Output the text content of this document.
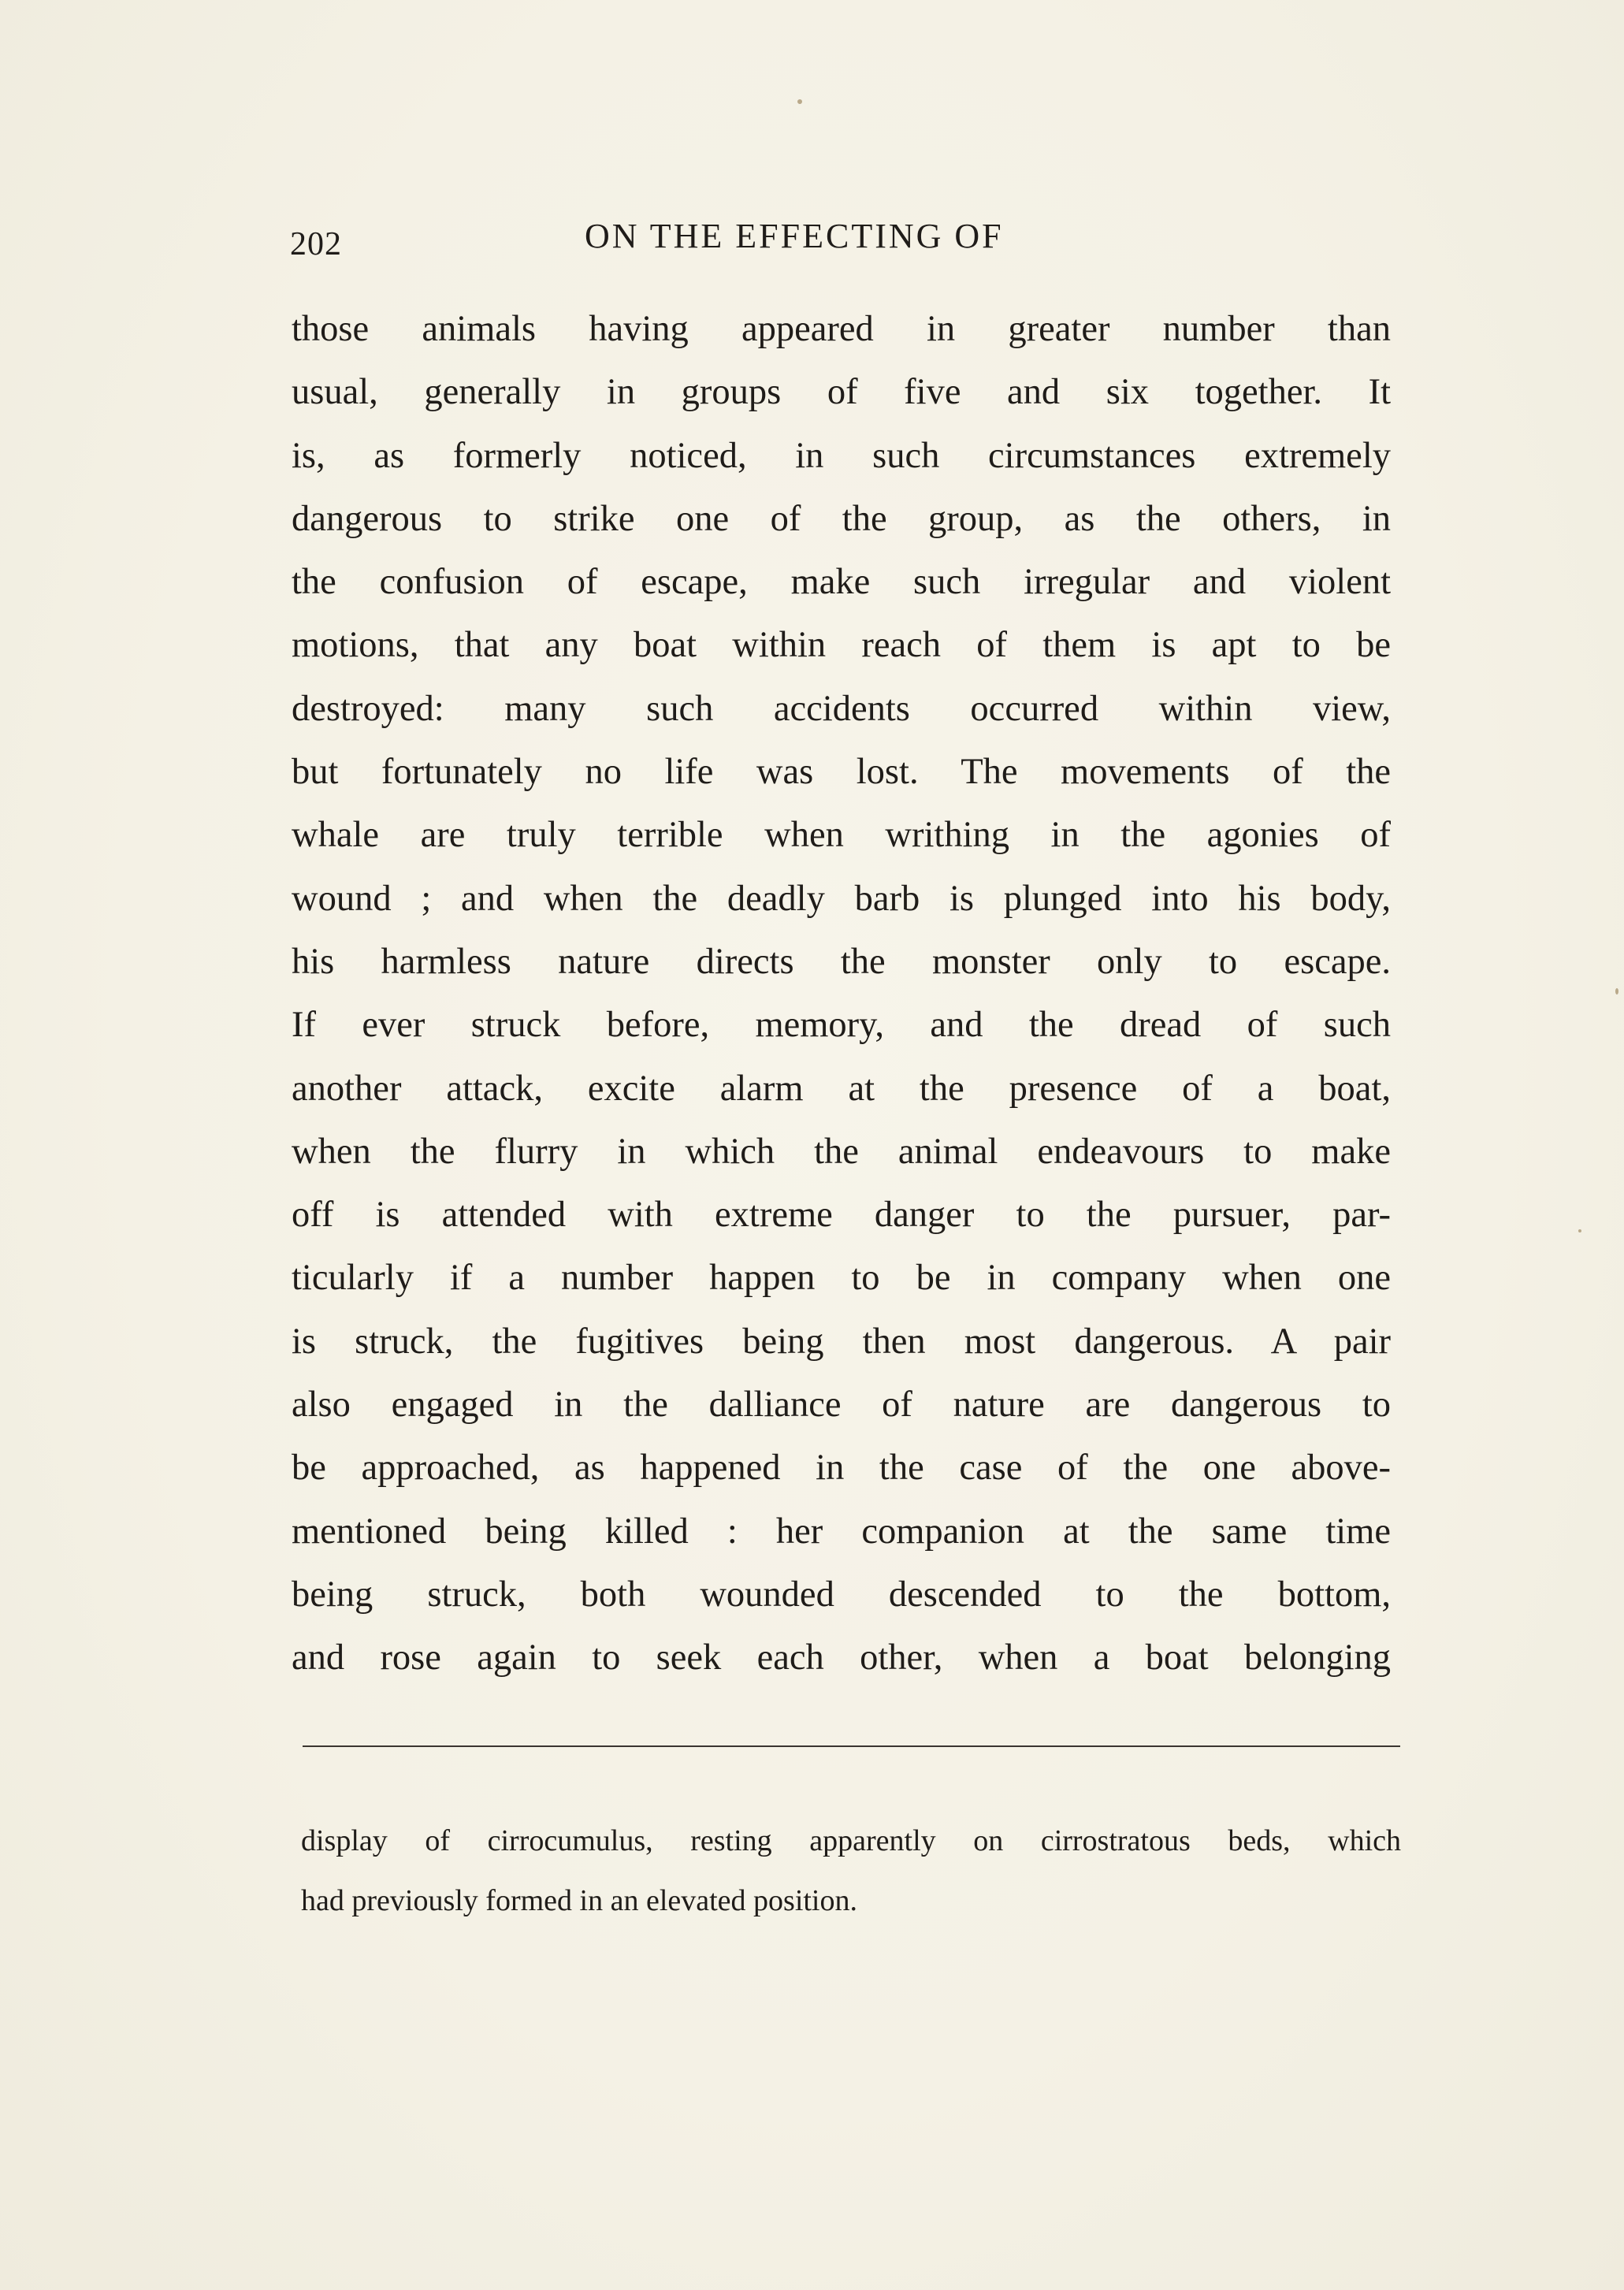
202	ON THE EFFECTING OF
those animals having appeared in greater number than
usual, generally in groups of five and six together. It
is, as formerly noticed, in such circumstances extremely
dangerous to strike one of the group, as the others, in
the confusion of escape, make such irregular and violent
motions, that any boat within reach of them is apt to be
destroyed: many such accidents occurred within view,
but fortunately no life was lost. The movements of the
whale are truly terrible when writhing in the agonies of
wound ; and when the deadly barb is plunged into his body,
his harmless nature directs the monster only to escape.
If ever struck before, memory, and the dread of such
another attack, excite alarm at the presence of a boat,
when the flurry in which the animal endeavours to make
off is attended with extreme danger to the pursuer, par-
ticularly if a number happen to be in company when one
is struck, the fugitives being then most dangerous. A pair
also engaged in the dalliance of nature are dangerous to
be approached, as happened in the case of the one above-
mentioned being killed : her companion at the same time
being struck, both wounded descended to the bottom,
and rose again to seek each other, when a boat belonging
display of cirrocumulus, resting apparently on cirrostratous beds, which
had previously formed in an elevated position.
